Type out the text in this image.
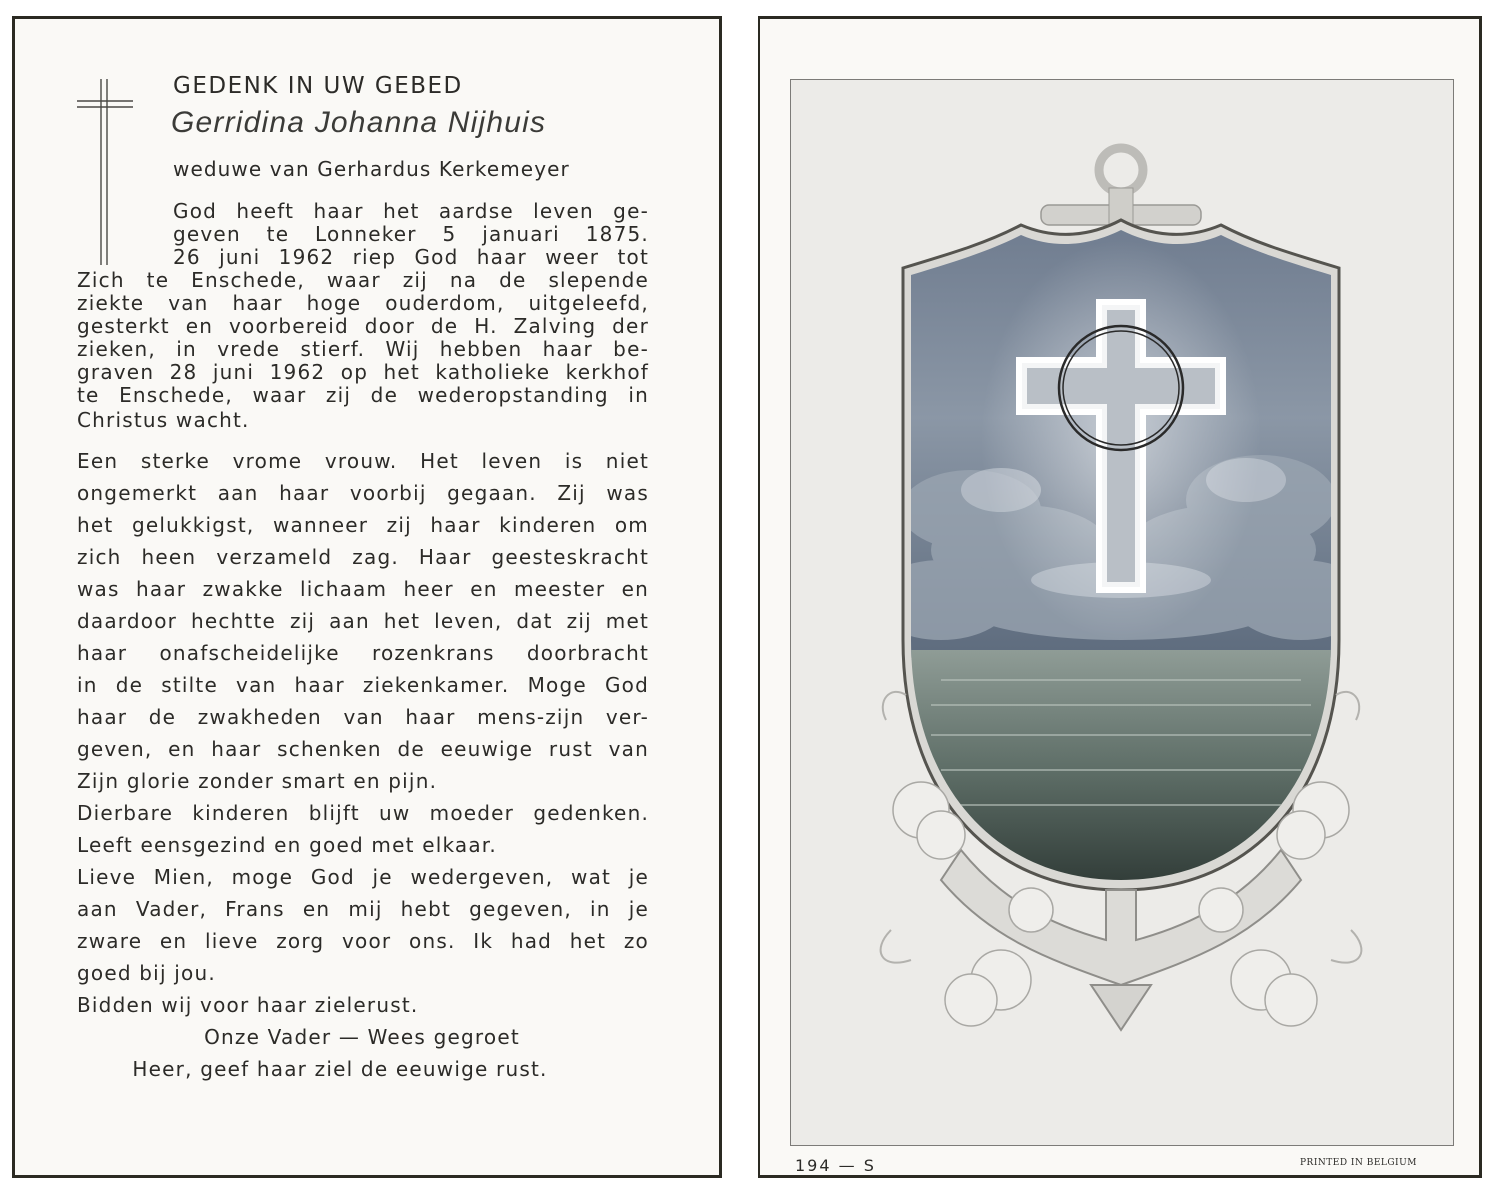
GEDENK IN UW GEBED
Gerridina Johanna Nijhuis
weduwe van Gerhardus Kerkemeyer
God heeft haar het aardse leven ge-
geven te Lonneker 5 januari 1875.
26 juni 1962 riep God haar weer tot
Zich te Enschede, waar zij na de slepende
ziekte van haar hoge ouderdom, uitgeleefd,
gesterkt en voorbereid door de H. Zalving der
zieken, in vrede stierf. Wij hebben haar be-
graven 28 juni 1962 op het katholieke kerkhof
te Enschede, waar zij de wederopstanding in
Christus wacht.
Een sterke vrome vrouw. Het leven is niet
ongemerkt aan haar voorbij gegaan. Zij was
het gelukkigst, wanneer zij haar kinderen om
zich heen verzameld zag. Haar geesteskracht
was haar zwakke lichaam heer en meester en
daardoor hechtte zij aan het leven, dat zij met
haar onafscheidelijke rozenkrans doorbracht
in de stilte van haar ziekenkamer. Moge God
haar de zwakheden van haar mens-zijn ver-
geven, en haar schenken de eeuwige rust van
Zijn glorie zonder smart en pijn.
Dierbare kinderen blijft uw moeder gedenken.
Leeft eensgezind en goed met elkaar.
Lieve Mien, moge God je wedergeven, wat je
aan Vader, Frans en mij hebt gegeven, in je
zware en lieve zorg voor ons. Ik had het zo
goed bij jou.
Bidden wij voor haar zielerust.
Onze Vader — Wees gegroet
Heer, geef haar ziel de eeuwige rust.
194 — S	PRINTED IN BELGIUM
